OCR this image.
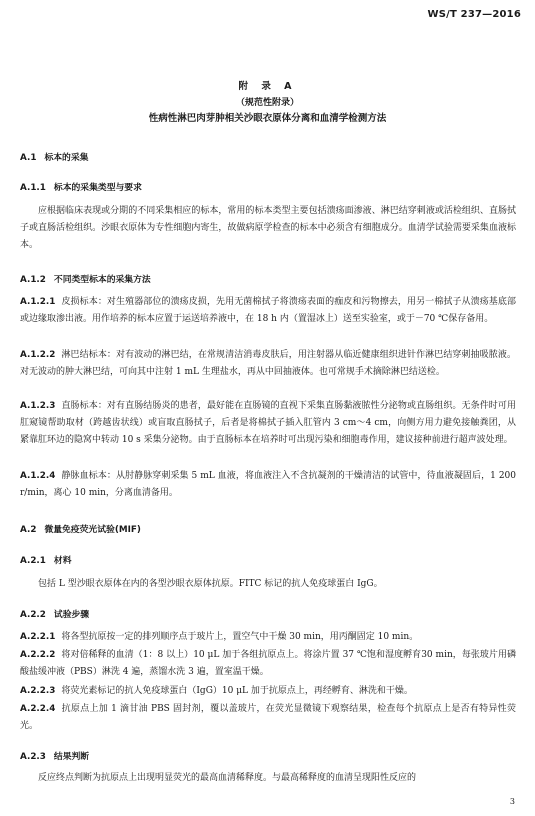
WS/T 237—2016
附 录 A
（规范性附录）
性病性淋巴肉芽肿相关沙眼衣原体分离和血清学检测方法
A.1 标本的采集
A.1.1 标本的采集类型与要求

应根据临床表现或分期的不同采集相应的标本，常用的标本类型主要包括溃疡面渗液、淋巴结穿刺液或活检组织、直肠拭子或直肠活检组织。沙眼衣原体为专性细胞内寄生，故做病原学检查的标本中必须含有细胞成分。血清学试验需要采集血液标本。

A.1.2 不同类型标本的采集方法

A.1.2.1 皮损标本：对生殖器部位的溃疡皮损，先用无菌棉拭子将溃疡表面的痂皮和污物擦去，用另一棉拭子从溃疡基底部或边缘取渗出液。用作培养的标本应置于运送培养液中，在 18 h 内（置湿冰上）送至实验室，或于－70 ℃保存备用。

A.1.2.2 淋巴结标本：对有波动的淋巴结，在常规清洁消毒皮肤后，用注射器从临近健康组织进针作淋巴结穿刺抽吸脓液。对无波动的肿大淋巴结，可向其中注射 1 mL 生理盐水，再从中回抽液体。也可常规手术摘除淋巴结送检。

A.1.2.3 直肠标本：对有直肠结肠炎的患者，最好能在直肠镜的直视下采集直肠黏液脓性分泌物或直肠组织。无条件时可用肛窥镜帮助取材（跨越齿状线）或盲取直肠拭子，后者是将棉拭子插入肛管内 3 cm～4 cm，向侧方用力避免接触粪团，从紧靠肛环边的隐窝中转动 10 s 采集分泌物。由于直肠标本在培养时可出现污染和细胞毒作用，建议接种前进行超声波处理。

A.1.2.4 静脉血标本：从肘静脉穿刺采集 5 mL 血液，将血液注入不含抗凝剂的干燥清洁的试管中，待血液凝固后，1 200 r/min，离心 10 min，分离血清备用。

A.2 微量免疫荧光试验(MIF)
A.2.1 材料

包括 L 型沙眼衣原体在内的各型沙眼衣原体抗原。FITC 标记的抗人免疫球蛋白 IgG。

A.2.2 试验步骤

A.2.2.1 将各型抗原按一定的排列顺序点于玻片上，置空气中干燥 30 min，用丙酮固定 10 min。

A.2.2.2 将对倍稀释的血清（1：8 以上）10 μL 加于各组抗原点上。将涂片置 37 ℃饱和湿度孵育30 min，每张玻片用磷酸盐缓冲液（PBS）淋洗 4 遍，蒸馏水洗 3 遍，置室温干燥。

A.2.2.3 将荧光素标记的抗人免疫球蛋白（IgG）10 μL 加于抗原点上，再经孵育、淋洗和干燥。

A.2.2.4 抗原点上加 1 滴甘油 PBS 固封剂，覆以盖玻片，在荧光显微镜下观察结果，检查每个抗原点上是否有特异性荧光。

A.2.3 结果判断

反应终点判断为抗原点上出现明显荧光的最高血清稀释度。与最高稀释度的血清呈现阳性反应的

3
